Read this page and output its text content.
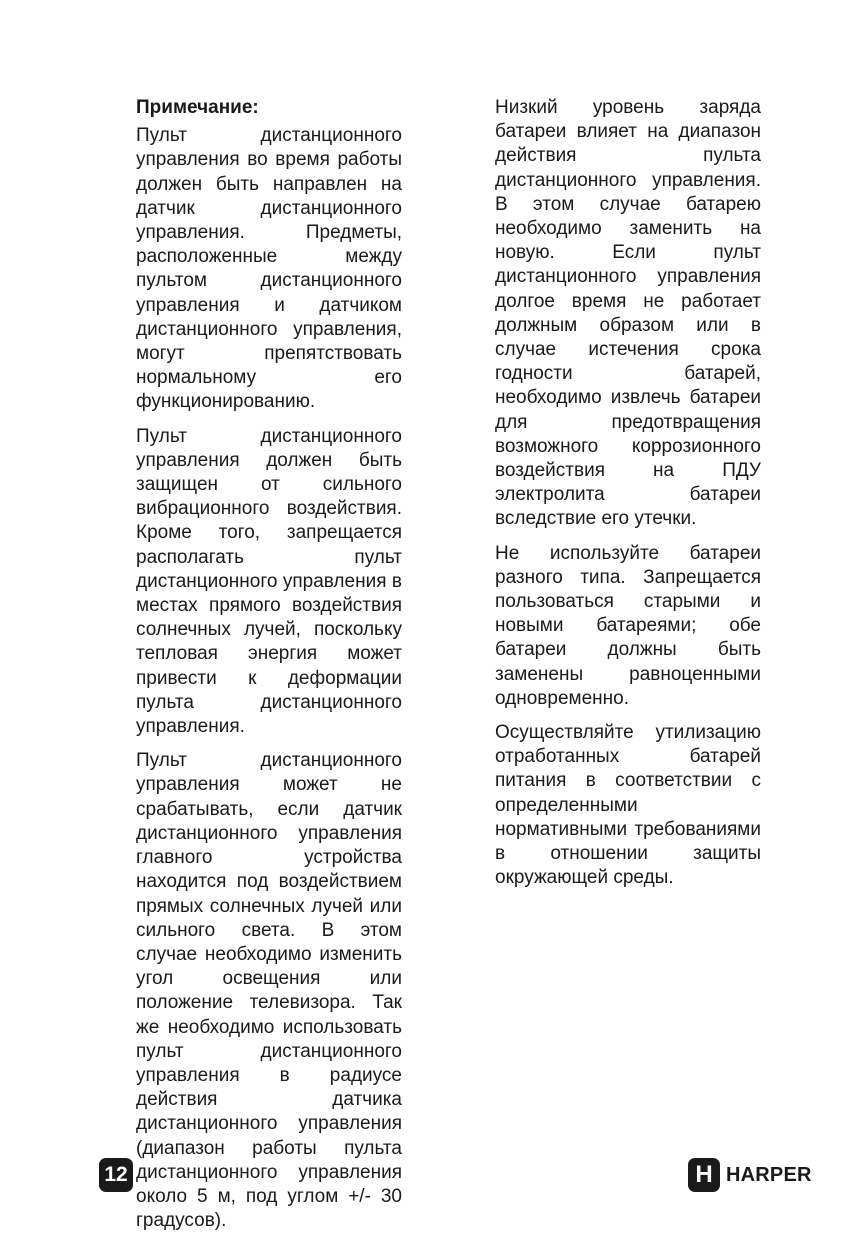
Примечание:

Пульт дистанционного управления во время работы должен быть направлен на датчик дистанционного управления. Предметы, расположенные между пультом дистанционного управления и датчиком дистанционного управления, могут препятствовать нормальному его функционированию.

Пульт дистанционного управления должен быть защищен от сильного вибрационного воздействия. Кроме того, запрещается располагать пульт дистанционного управления в местах прямого воздействия солнечных лучей, поскольку тепловая энергия может привести к деформации пульта дистанционного управления.

Пульт дистанционного управления может не срабатывать, если датчик дистанционного управления главного устройства находится под воздействием прямых солнечных лучей или сильного света. В этом случае необходимо изменить угол освещения или положение телевизора. Так же необходимо использовать пульт дистанционного управления в радиусе действия датчика дистанционного управления (диапазон работы пульта дистанционного управления около 5 м, под углом +/- 30 градусов).

Низкий уровень заряда батареи влияет на диапазон действия пульта дистанционного управления. В этом случае батарею необходимо заменить на новую. Если пульт дистанционного управления долгое время не работает должным образом или в случае истечения срока годности батарей, необходимо извлечь батареи для предотвращения возможного коррозионного воздействия на ПДУ электролита батареи вследствие его утечки.

Не используйте батареи разного типа. Запрещается пользоваться старыми и новыми батареями; обе батареи должны быть заменены равноценными одновременно.

Осуществляйте утилизацию отработанных батарей питания в соответствии с определенными нормативными требованиями в отношении защиты окружающей среды.

12	H HARPER
